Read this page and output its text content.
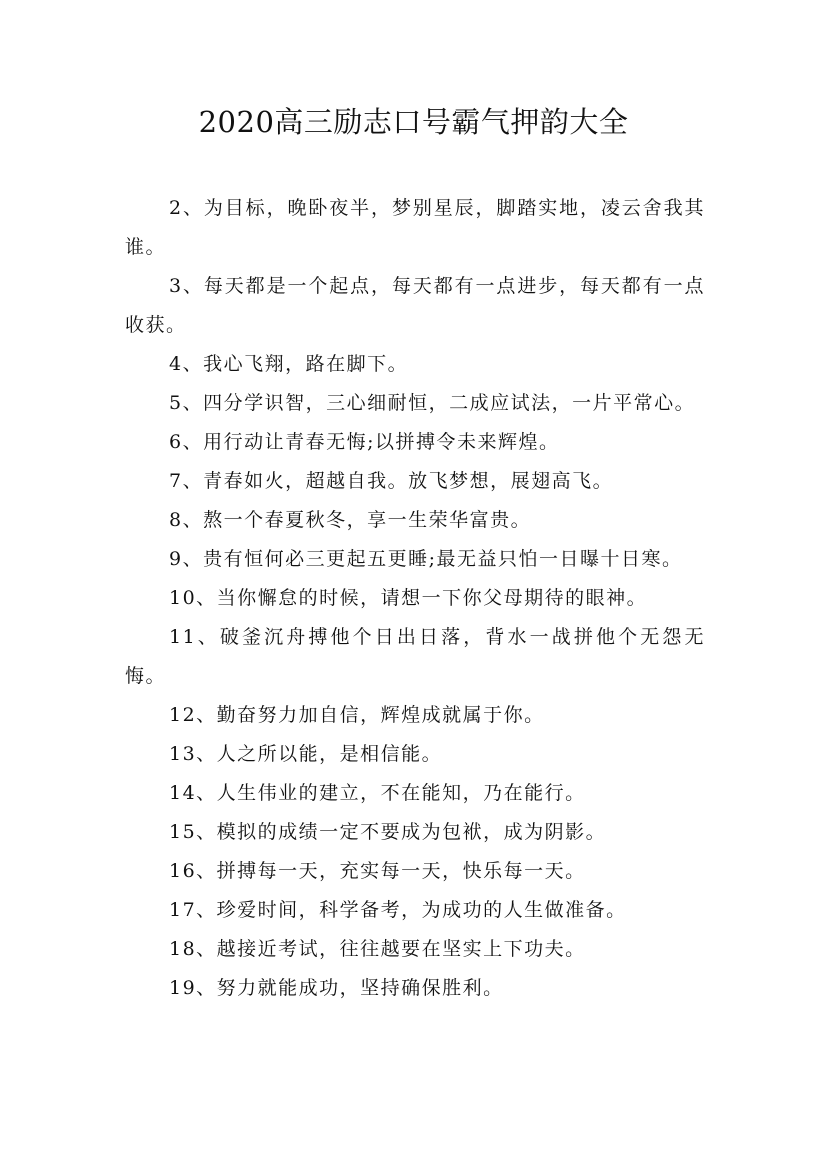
2020高三励志口号霸气押韵大全

2、为目标，晚卧夜半，梦别星辰，脚踏实地，凌云舍我其谁。

3、每天都是一个起点，每天都有一点进步，每天都有一点收获。

4、我心飞翔，路在脚下。

5、四分学识智，三心细耐恒，二成应试法，一片平常心。

6、用行动让青春无悔;以拼搏令未来辉煌。

7、青春如火，超越自我。放飞梦想，展翅高飞。

8、熬一个春夏秋冬，享一生荣华富贵。

9、贵有恒何必三更起五更睡;最无益只怕一日曝十日寒。

10、当你懈怠的时候，请想一下你父母期待的眼神。

11、破釜沉舟搏他个日出日落，背水一战拼他个无怨无悔。

12、勤奋努力加自信，辉煌成就属于你。

13、人之所以能，是相信能。

14、人生伟业的建立，不在能知，乃在能行。

15、模拟的成绩一定不要成为包袱，成为阴影。

16、拼搏每一天，充实每一天，快乐每一天。

17、珍爱时间，科学备考，为成功的人生做准备。

18、越接近考试，往往越要在坚实上下功夫。

19、努力就能成功，坚持确保胜利。
